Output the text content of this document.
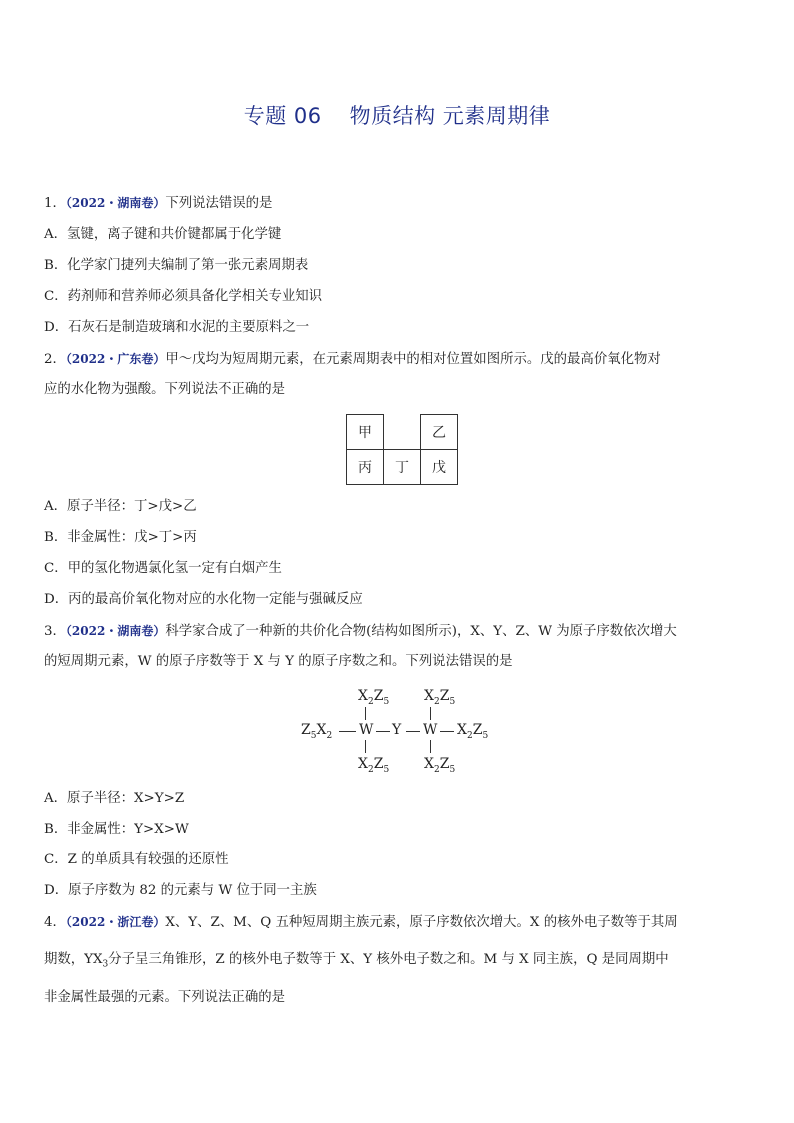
专题 06 物质结构 元素周期律
1．（2022・湖南卷）下列说法错误的是
A．氢键，离子键和共价键都属于化学键
B．化学家门捷列夫编制了第一张元素周期表
C．药剂师和营养师必须具备化学相关专业知识
D．石灰石是制造玻璃和水泥的主要原料之一
2．（2022・广东卷）甲～戊均为短周期元素，在元素周期表中的相对位置如图所示。戊的最高价氧化物对
应的水化物为强酸。下列说法不正确的是
甲		乙
丙	丁	戊
A．原子半径：丁>戊>乙
B．非金属性：戊>丁>丙
C．甲的氢化物遇氯化氢一定有白烟产生
D．丙的最高价氧化物对应的水化物一定能与强碱反应
3．（2022・湖南卷）科学家合成了一种新的共价化合物(结构如图所示)，X、Y、Z、W 为原子序数依次增大
的短周期元素，W 的原子序数等于 X 与 Y 的原子序数之和。下列说法错误的是
$X_2Z_5$ $X_2Z_5$
$Z_5X_2$ W Y W $X_2Z_5$
$X_2Z_5$ $X_2Z_5$
A．原子半径：X>Y>Z
B．非金属性：Y>X>W
C．Z 的单质具有较强的还原性
D．原子序数为 82 的元素与 W 位于同一主族
4．（2022・浙江卷）X、Y、Z、M、Q 五种短周期主族元素，原子序数依次增大。X 的核外电子数等于其周
期数，$YX_3$分子呈三角锥形，Z 的核外电子数等于 X、Y 核外电子数之和。M 与 X 同主族，Q 是同周期中
非金属性最强的元素。下列说法正确的是
